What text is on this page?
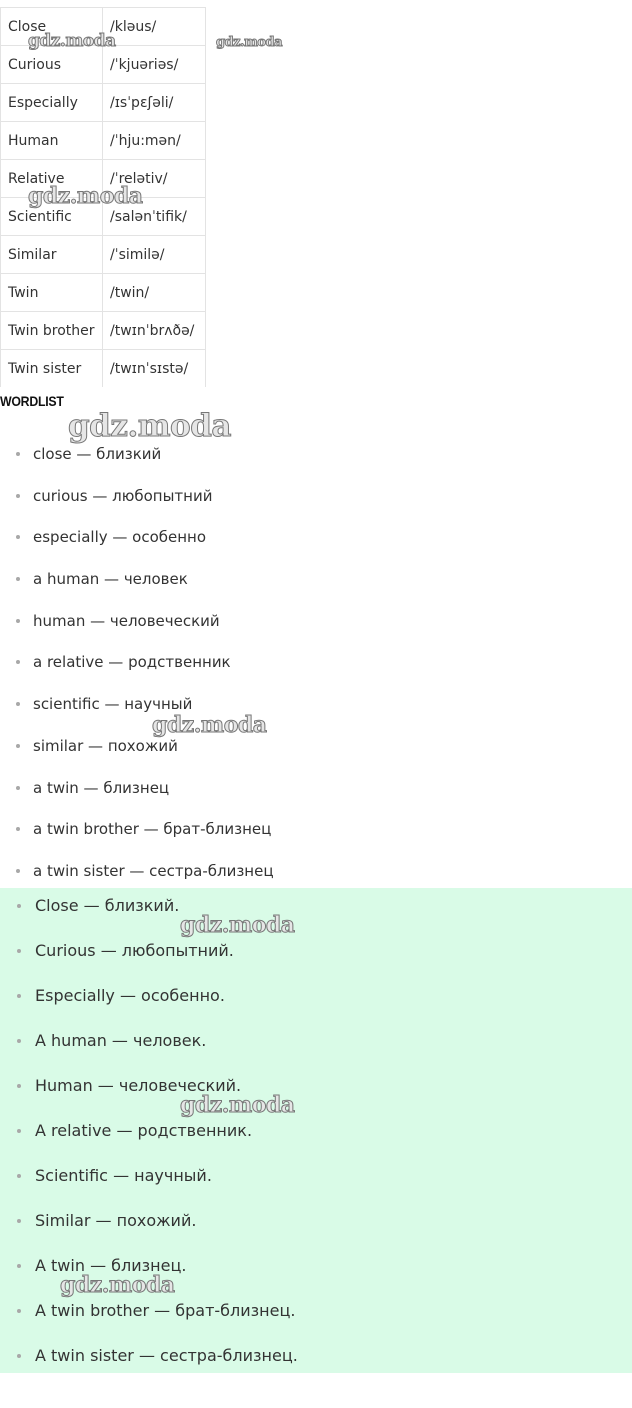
Close	/kləus/
Curious	/ˈkjuəriəs/
Especially	/ɪsˈpɛʃəli/
Human	/ˈhju:mən/
Relative	/ˈrelətiv/
Scientific	/salənˈtifik/
Similar	/ˈsimilə/
Twin	/twin/
Twin brother	/twɪnˈbrʌðə/
Twin sister	/twɪnˈsɪstə/
WORDLIST
close — близкий
curious — любопытний
especially — особенно
a human — человек
human — человеческий
a relative — родственник
scientific — научный
similar — похожий
a twin — близнец
a twin brother — брат-близнец
a twin sister — сестра-близнец
Close — близкий.
Curious — любопытний.
Especially — особенно.
A human — человек.
Human — человеческий.
A relative — родственник.
Scientific — научный.
Similar — похожий.
A twin — близнец.
A twin brother — брат-близнец.
A twin sister — сестра-близнец.
gdz.moda	gdz.moda
gdz.moda
gdz.moda
gdz.moda
gdz.moda
gdz.moda
gdz.moda
